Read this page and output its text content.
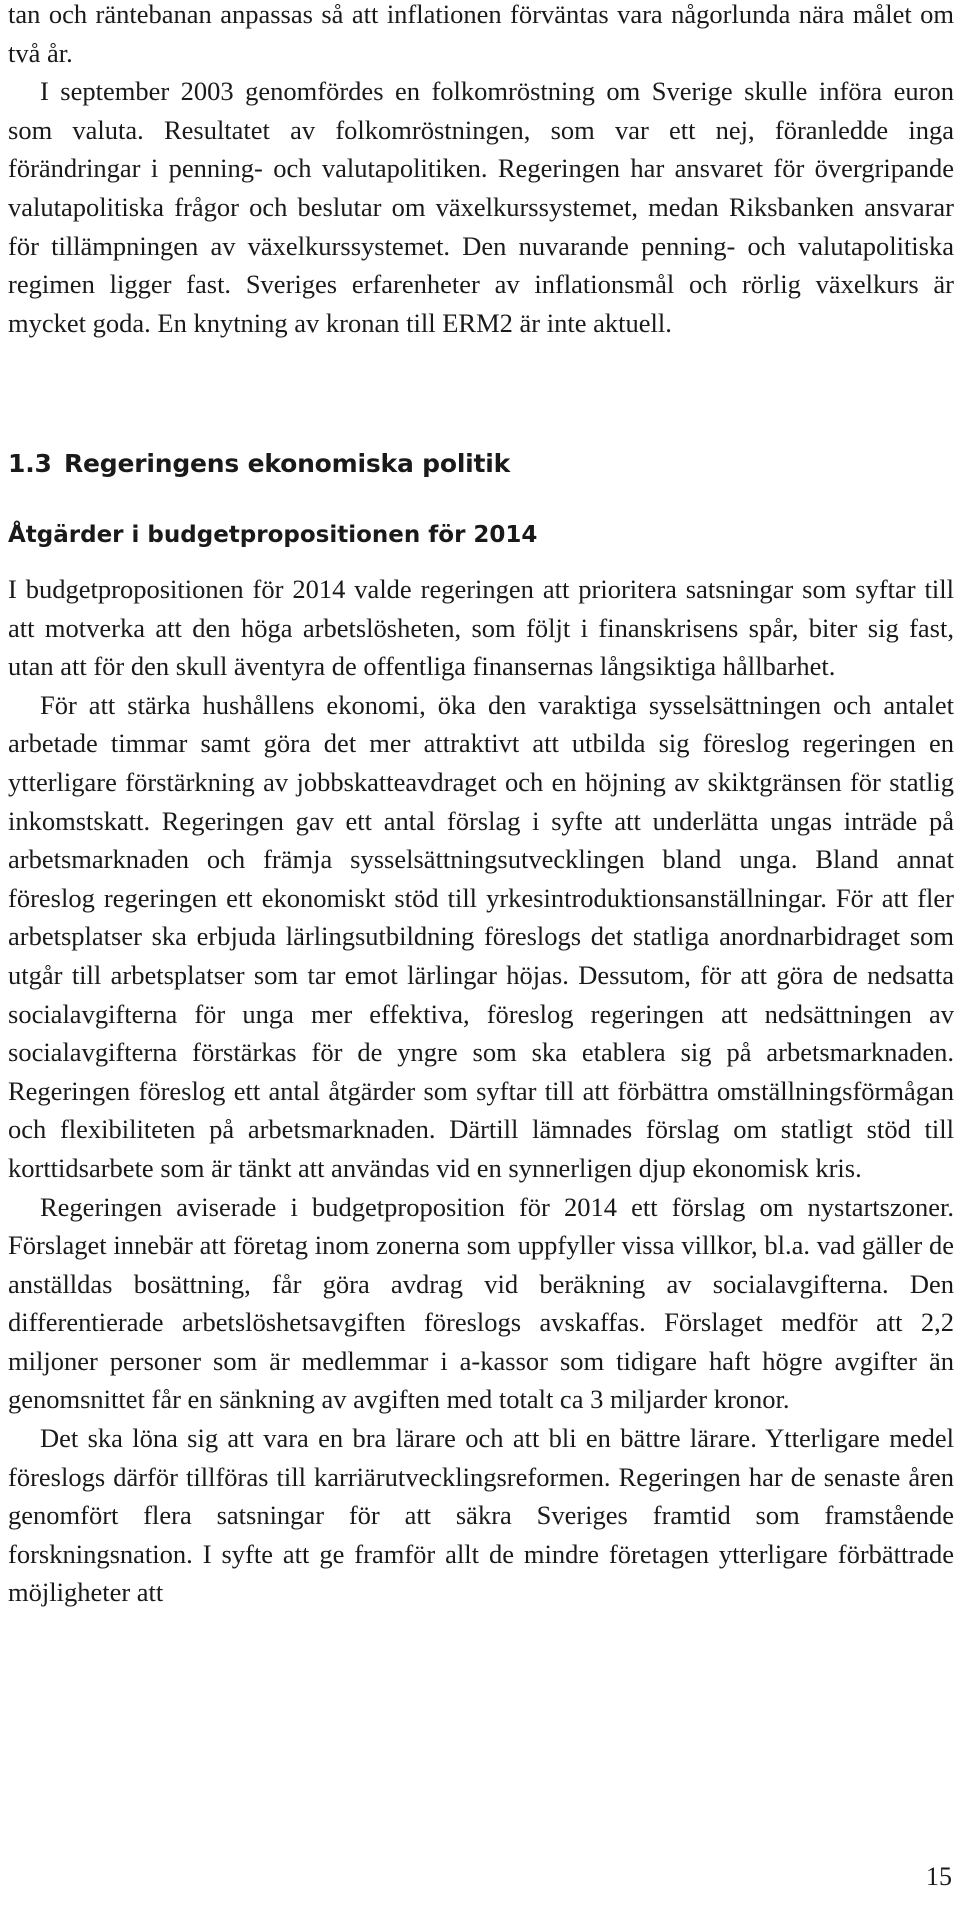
tan och räntebanan anpassas så att inflationen förväntas vara någorlunda nära målet om två år.

I september 2003 genomfördes en folkomröstning om Sverige skulle införa euron som valuta. Resultatet av folkomröstningen, som var ett nej, föranledde inga förändringar i penning- och valutapolitiken. Regeringen har ansvaret för övergripande valutapolitiska frågor och beslutar om växelkurssystemet, medan Riksbanken ansvarar för tillämpningen av växelkurssystemet. Den nuvarande penning- och valutapolitiska regimen ligger fast. Sveriges erfarenheter av inflationsmål och rörlig växelkurs är mycket goda. En knytning av kronan till ERM2 är inte aktuell.

1.3 Regeringens ekonomiska politik
Åtgärder i budgetpropositionen för 2014

I budgetpropositionen för 2014 valde regeringen att prioritera satsningar som syftar till att motverka att den höga arbetslösheten, som följt i finanskrisens spår, biter sig fast, utan att för den skull äventyra de offentliga finansernas långsiktiga hållbarhet.

För att stärka hushållens ekonomi, öka den varaktiga sysselsättningen och antalet arbetade timmar samt göra det mer attraktivt att utbilda sig föreslog regeringen en ytterligare förstärkning av jobbskatteavdraget och en höjning av skiktgränsen för statlig inkomstskatt. Regeringen gav ett antal förslag i syfte att underlätta ungas inträde på arbetsmarknaden och främja sysselsättningsutvecklingen bland unga. Bland annat föreslog regeringen ett ekonomiskt stöd till yrkesintroduktionsanställningar. För att fler arbetsplatser ska erbjuda lärlingsutbildning föreslogs det statliga anordnarbidraget som utgår till arbetsplatser som tar emot lärlingar höjas. Dessutom, för att göra de nedsatta socialavgifterna för unga mer effektiva, föreslog regeringen att nedsättningen av socialavgifterna förstärkas för de yngre som ska etablera sig på arbetsmarknaden. Regeringen föreslog ett antal åtgärder som syftar till att förbättra omställningsförmågan och flexibiliteten på arbetsmarknaden. Därtill lämnades förslag om statligt stöd till korttidsarbete som är tänkt att användas vid en synnerligen djup ekonomisk kris.

Regeringen aviserade i budgetproposition för 2014 ett förslag om nystartszoner. Förslaget innebär att företag inom zonerna som uppfyller vissa villkor, bl.a. vad gäller de anställdas bosättning, får göra avdrag vid beräkning av socialavgifterna. Den differentierade arbetslöshetsavgiften föreslogs avskaffas. Förslaget medför att 2,2 miljoner personer som är medlemmar i a-kassor som tidigare haft högre avgifter än genomsnittet får en sänkning av avgiften med totalt ca 3 miljarder kronor.

Det ska löna sig att vara en bra lärare och att bli en bättre lärare. Ytterligare medel föreslogs därför tillföras till karriärutvecklingsreformen. Regeringen har de senaste åren genomfört flera satsningar för att säkra Sveriges framtid som framstående forskningsnation. I syfte att ge framför allt de mindre företagen ytterligare förbättrade möjligheter att

15
